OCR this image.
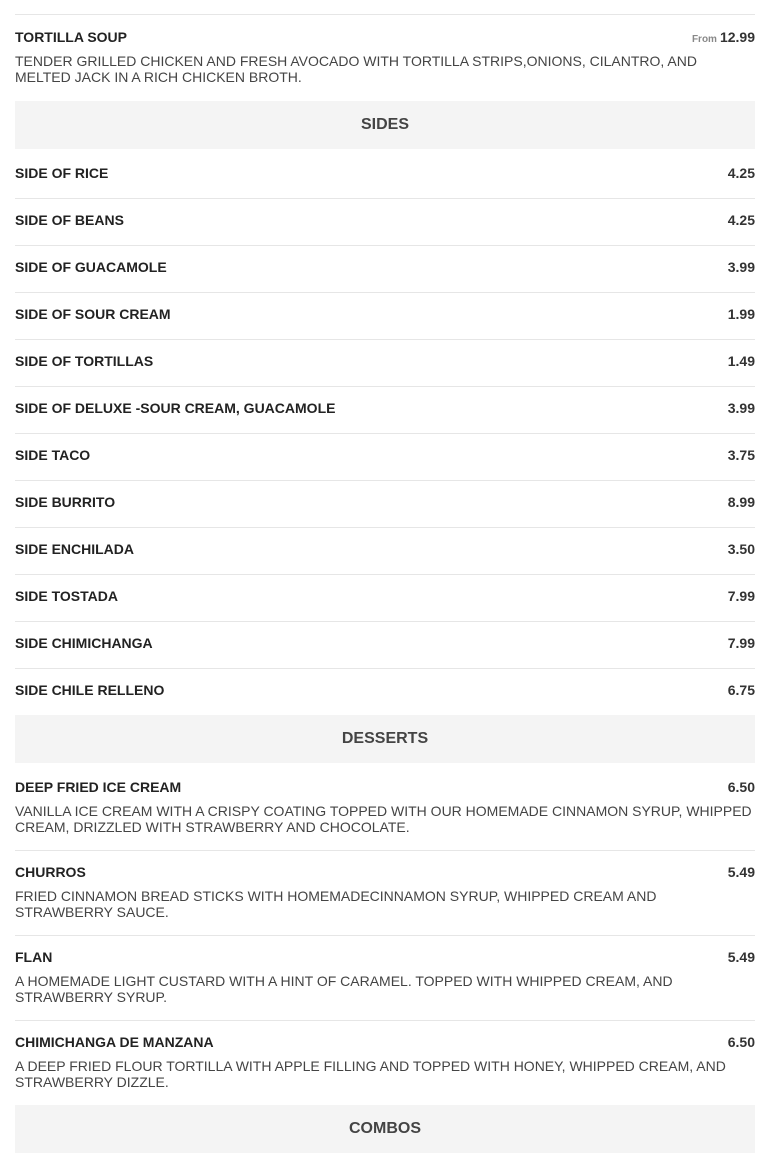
TORTILLA SOUP	From 12.99
TENDER GRILLED CHICKEN AND FRESH AVOCADO WITH TORTILLA STRIPS,ONIONS, CILANTRO, AND MELTED JACK IN A RICH CHICKEN BROTH.
SIDES
SIDE OF RICE	4.25
SIDE OF BEANS	4.25
SIDE OF GUACAMOLE	3.99
SIDE OF SOUR CREAM	1.99
SIDE OF TORTILLAS	1.49
SIDE OF DELUXE -SOUR CREAM, GUACAMOLE	3.99
SIDE TACO	3.75
SIDE BURRITO	8.99
SIDE ENCHILADA	3.50
SIDE TOSTADA	7.99
SIDE CHIMICHANGA	7.99
SIDE CHILE RELLENO	6.75
DESSERTS
DEEP FRIED ICE CREAM	6.50
VANILLA ICE CREAM WITH A CRISPY COATING TOPPED WITH OUR HOMEMADE CINNAMON SYRUP, WHIPPED CREAM, DRIZZLED WITH STRAWBERRY AND CHOCOLATE.
CHURROS	5.49
FRIED CINNAMON BREAD STICKS WITH HOMEMADECINNAMON SYRUP, WHIPPED CREAM AND STRAWBERRY SAUCE.
FLAN	5.49
A HOMEMADE LIGHT CUSTARD WITH A HINT OF CARAMEL. TOPPED WITH WHIPPED CREAM, AND STRAWBERRY SYRUP.
CHIMICHANGA DE MANZANA	6.50
A DEEP FRIED FLOUR TORTILLA WITH APPLE FILLING AND TOPPED WITH HONEY, WHIPPED CREAM, AND STRAWBERRY DIZZLE.
COMBOS
